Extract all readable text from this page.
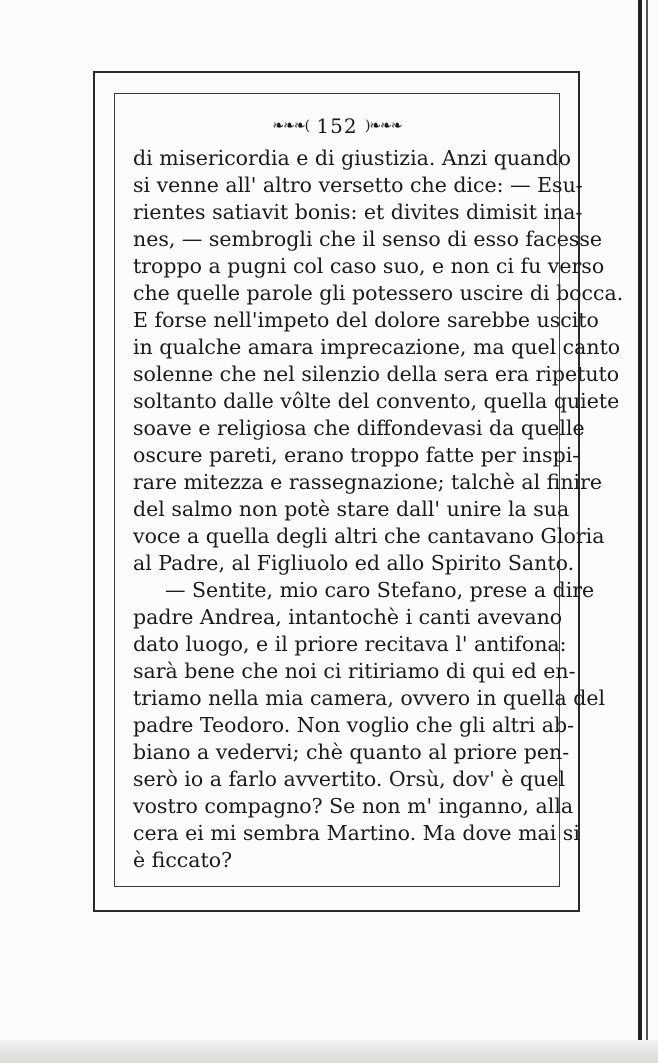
❧❧❧( 152 )❧❧❧
di misericordia e di giustizia. Anzi quando
si venne all' altro versetto che dice: — Esu-
rientes satiavit bonis: et divites dimisit ina-
nes, — sembrogli che il senso di esso facesse
troppo a pugni col caso suo, e non ci fu verso
che quelle parole gli potessero uscire di bocca.
E forse nell'impeto del dolore sarebbe uscito
in qualche amara imprecazione, ma quel canto
solenne che nel silenzio della sera era ripetuto
soltanto dalle vôlte del convento, quella quiete
soave e religiosa che diffondevasi da quelle
oscure pareti, erano troppo fatte per inspi-
rare mitezza e rassegnazione; talchè al finire
del salmo non potè stare dall' unire la sua
voce a quella degli altri che cantavano Gloria
al Padre, al Figliuolo ed allo Spirito Santo.
— Sentite, mio caro Stefano, prese a dire
padre Andrea, intantochè i canti avevano
dato luogo, e il priore recitava l' antifona:
sarà bene che noi ci ritiriamo di qui ed en-
triamo nella mia camera, ovvero in quella del
padre Teodoro. Non voglio che gli altri ab-
biano a vedervi; chè quanto al priore pen-
serò io a farlo avvertito. Orsù, dov' è quel
vostro compagno? Se non m' inganno, alla
cera ei mi sembra Martino. Ma dove mai si
è ficcato?
